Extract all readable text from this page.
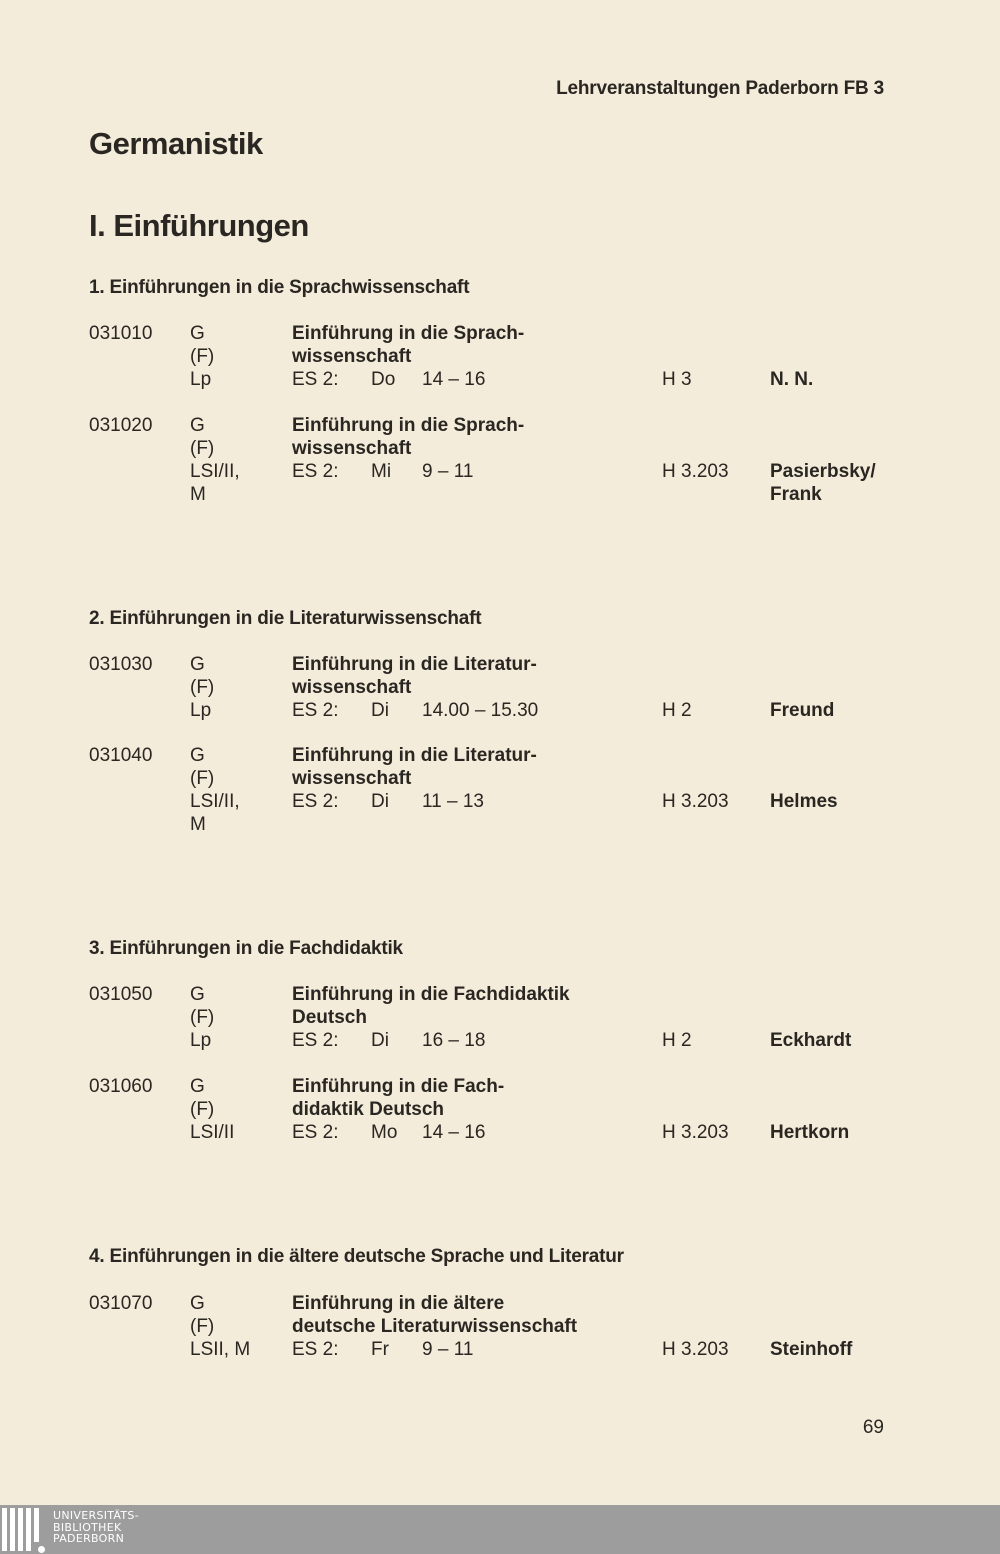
Lehrveranstaltungen Paderborn FB 3
Germanistik
I. Einführungen
1. Einführungen in die Sprachwissenschaft
2. Einführungen in die Literaturwissenschaft
3. Einführungen in die Fachdidaktik
4. Einführungen in die ältere deutsche Sprache und Literatur
031010 G	Einführung in die Sprach-
(F)	wissenschaft
Lp	ES 2: Do 14 – 16	H 3	N. N.
031020 G	Einführung in die Sprach-
(F)	wissenschaft
LSI/II,	ES 2: Mi 9 – 11	H 3.203 Pasierbsky/
M	Frank
031030 G	Einführung in die Literatur-
(F)	wissenschaft
Lp	ES 2: Di 14.00 – 15.30	H 2	Freund
031040 G	Einführung in die Literatur-
(F)	wissenschaft
LSI/II,	ES 2: Di 11 – 13	H 3.203 Helmes
M
031050 G	Einführung in die Fachdidaktik
(F)	Deutsch
Lp	ES 2: Di 16 – 18	H 2	Eckhardt
031060 G	Einführung in die Fach-
(F)	didaktik Deutsch
LSI/II	ES 2: Mo 14 – 16	H 3.203 Hertkorn
031070 G	Einführung in die ältere
(F)	deutsche Literaturwissenschaft
LSII, M ES 2: Fr 9 – 11	H 3.203 Steinhoff
69
UNIVERSITÄTS-
BIBLIOTHEK
PADERBORN
